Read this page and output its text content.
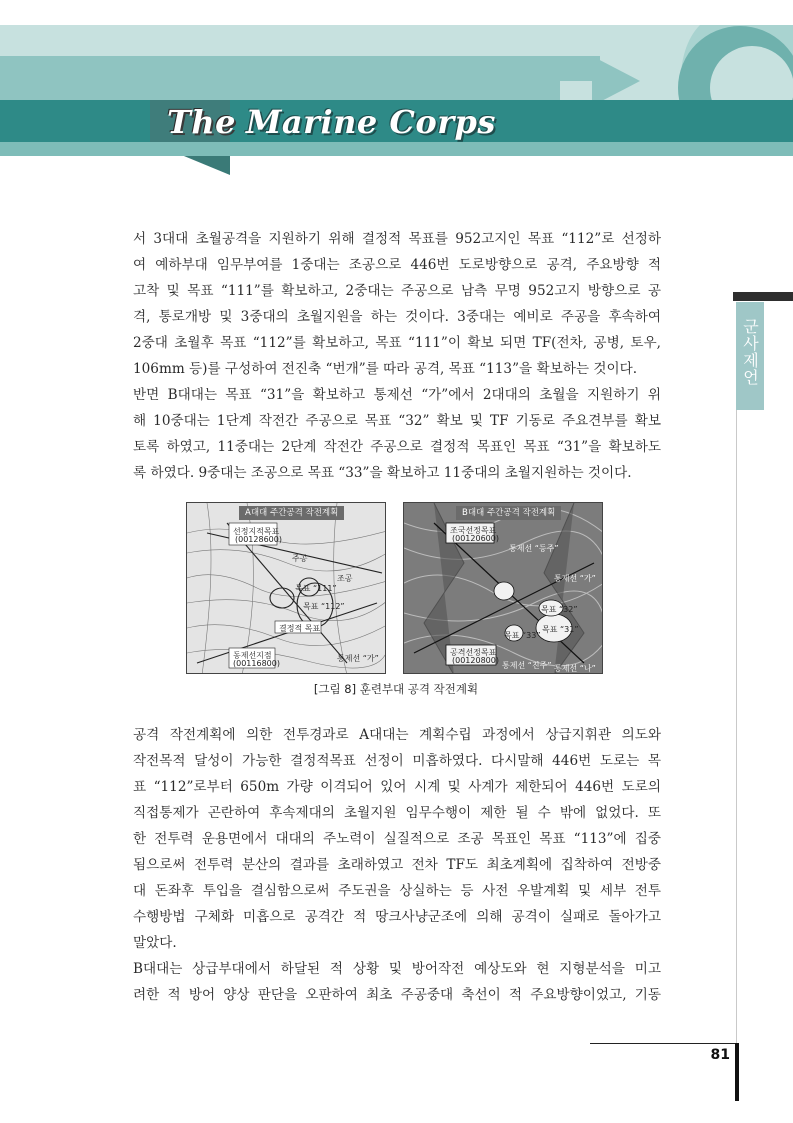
The Marine Corps
군사제언
서 3대대 초월공격을 지원하기 위해 결정적 목표를 952고지인 목표 “112”로 선정하
여 예하부대 임무부여를 1중대는 조공으로 446번 도로방향으로 공격, 주요방향 적
고착 및 목표 “111”를 확보하고, 2중대는 주공으로 남측 무명 952고지 방향으로 공
격, 통로개방 및 3중대의 초월지원을 하는 것이다. 3중대는 예비로 주공을 후속하여
2중대 초월후 목표 “112”를 확보하고, 목표 “111”이 확보 되면 TF(전차, 공병, 토우,
106mm 등)를 구성하여 전진축 “번개”를 따라 공격, 목표 “113”을 확보하는 것이다.
반면 B대대는 목표 “31”을 확보하고 통제선 “가”에서 2대대의 초월을 지원하기 위
해 10중대는 1단계 작전간 주공으로 목표 “32” 확보 및 TF 기동로 주요견부를 확보
토록 하였고, 11중대는 2단계 작전간 주공으로 결정적 목표인 목표 “31”을 확보하도
록 하였다. 9중대는 조공으로 목표 “33”을 확보하고 11중대의 초월지원하는 것이다.
A대대 주간공격 작전계획
선정지적목표
(00128600)
주공
조공
결정적 목표
목표 “112”
통제선 “가”
동제선지점
(00116800)
목표 “111”
B대대 주간공격 작전계획
조국선정목표
(00120600)
통제선 “등주”
통제선 “가”
목표 “31”
목표 “32”
목표 “33”
공격선정목표
(00120800)
통제선 “진주” 통제선 “나”
[그림 8] 훈련부대 공격 작전계획
공격 작전계획에 의한 전투경과로 A대대는 계획수립 과정에서 상급지휘관 의도와
작전목적 달성이 가능한 결정적목표 선정이 미흡하였다. 다시말해 446번 도로는 목
표 “112”로부터 650m 가량 이격되어 있어 시계 및 사계가 제한되어 446번 도로의
직접통제가 곤란하여 후속제대의 초월지원 임무수행이 제한 될 수 밖에 없었다. 또
한 전투력 운용면에서 대대의 주노력이 실질적으로 조공 목표인 목표 “113”에 집중
됨으로써 전투력 분산의 결과를 초래하였고 전차 TF도 최초계획에 집착하여 전방중
대 돈좌후 투입을 결심함으로써 주도권을 상실하는 등 사전 우발계획 및 세부 전투
수행방법 구체화 미흡으로 공격간 적 땅크사냥군조에 의해 공격이 실패로 돌아가고
말았다.
B대대는 상급부대에서 하달된 적 상황 및 방어작전 예상도와 현 지형분석을 미고
려한 적 방어 양상 판단을 오판하여 최초 주공중대 축선이 적 주요방향이었고, 기동
81
